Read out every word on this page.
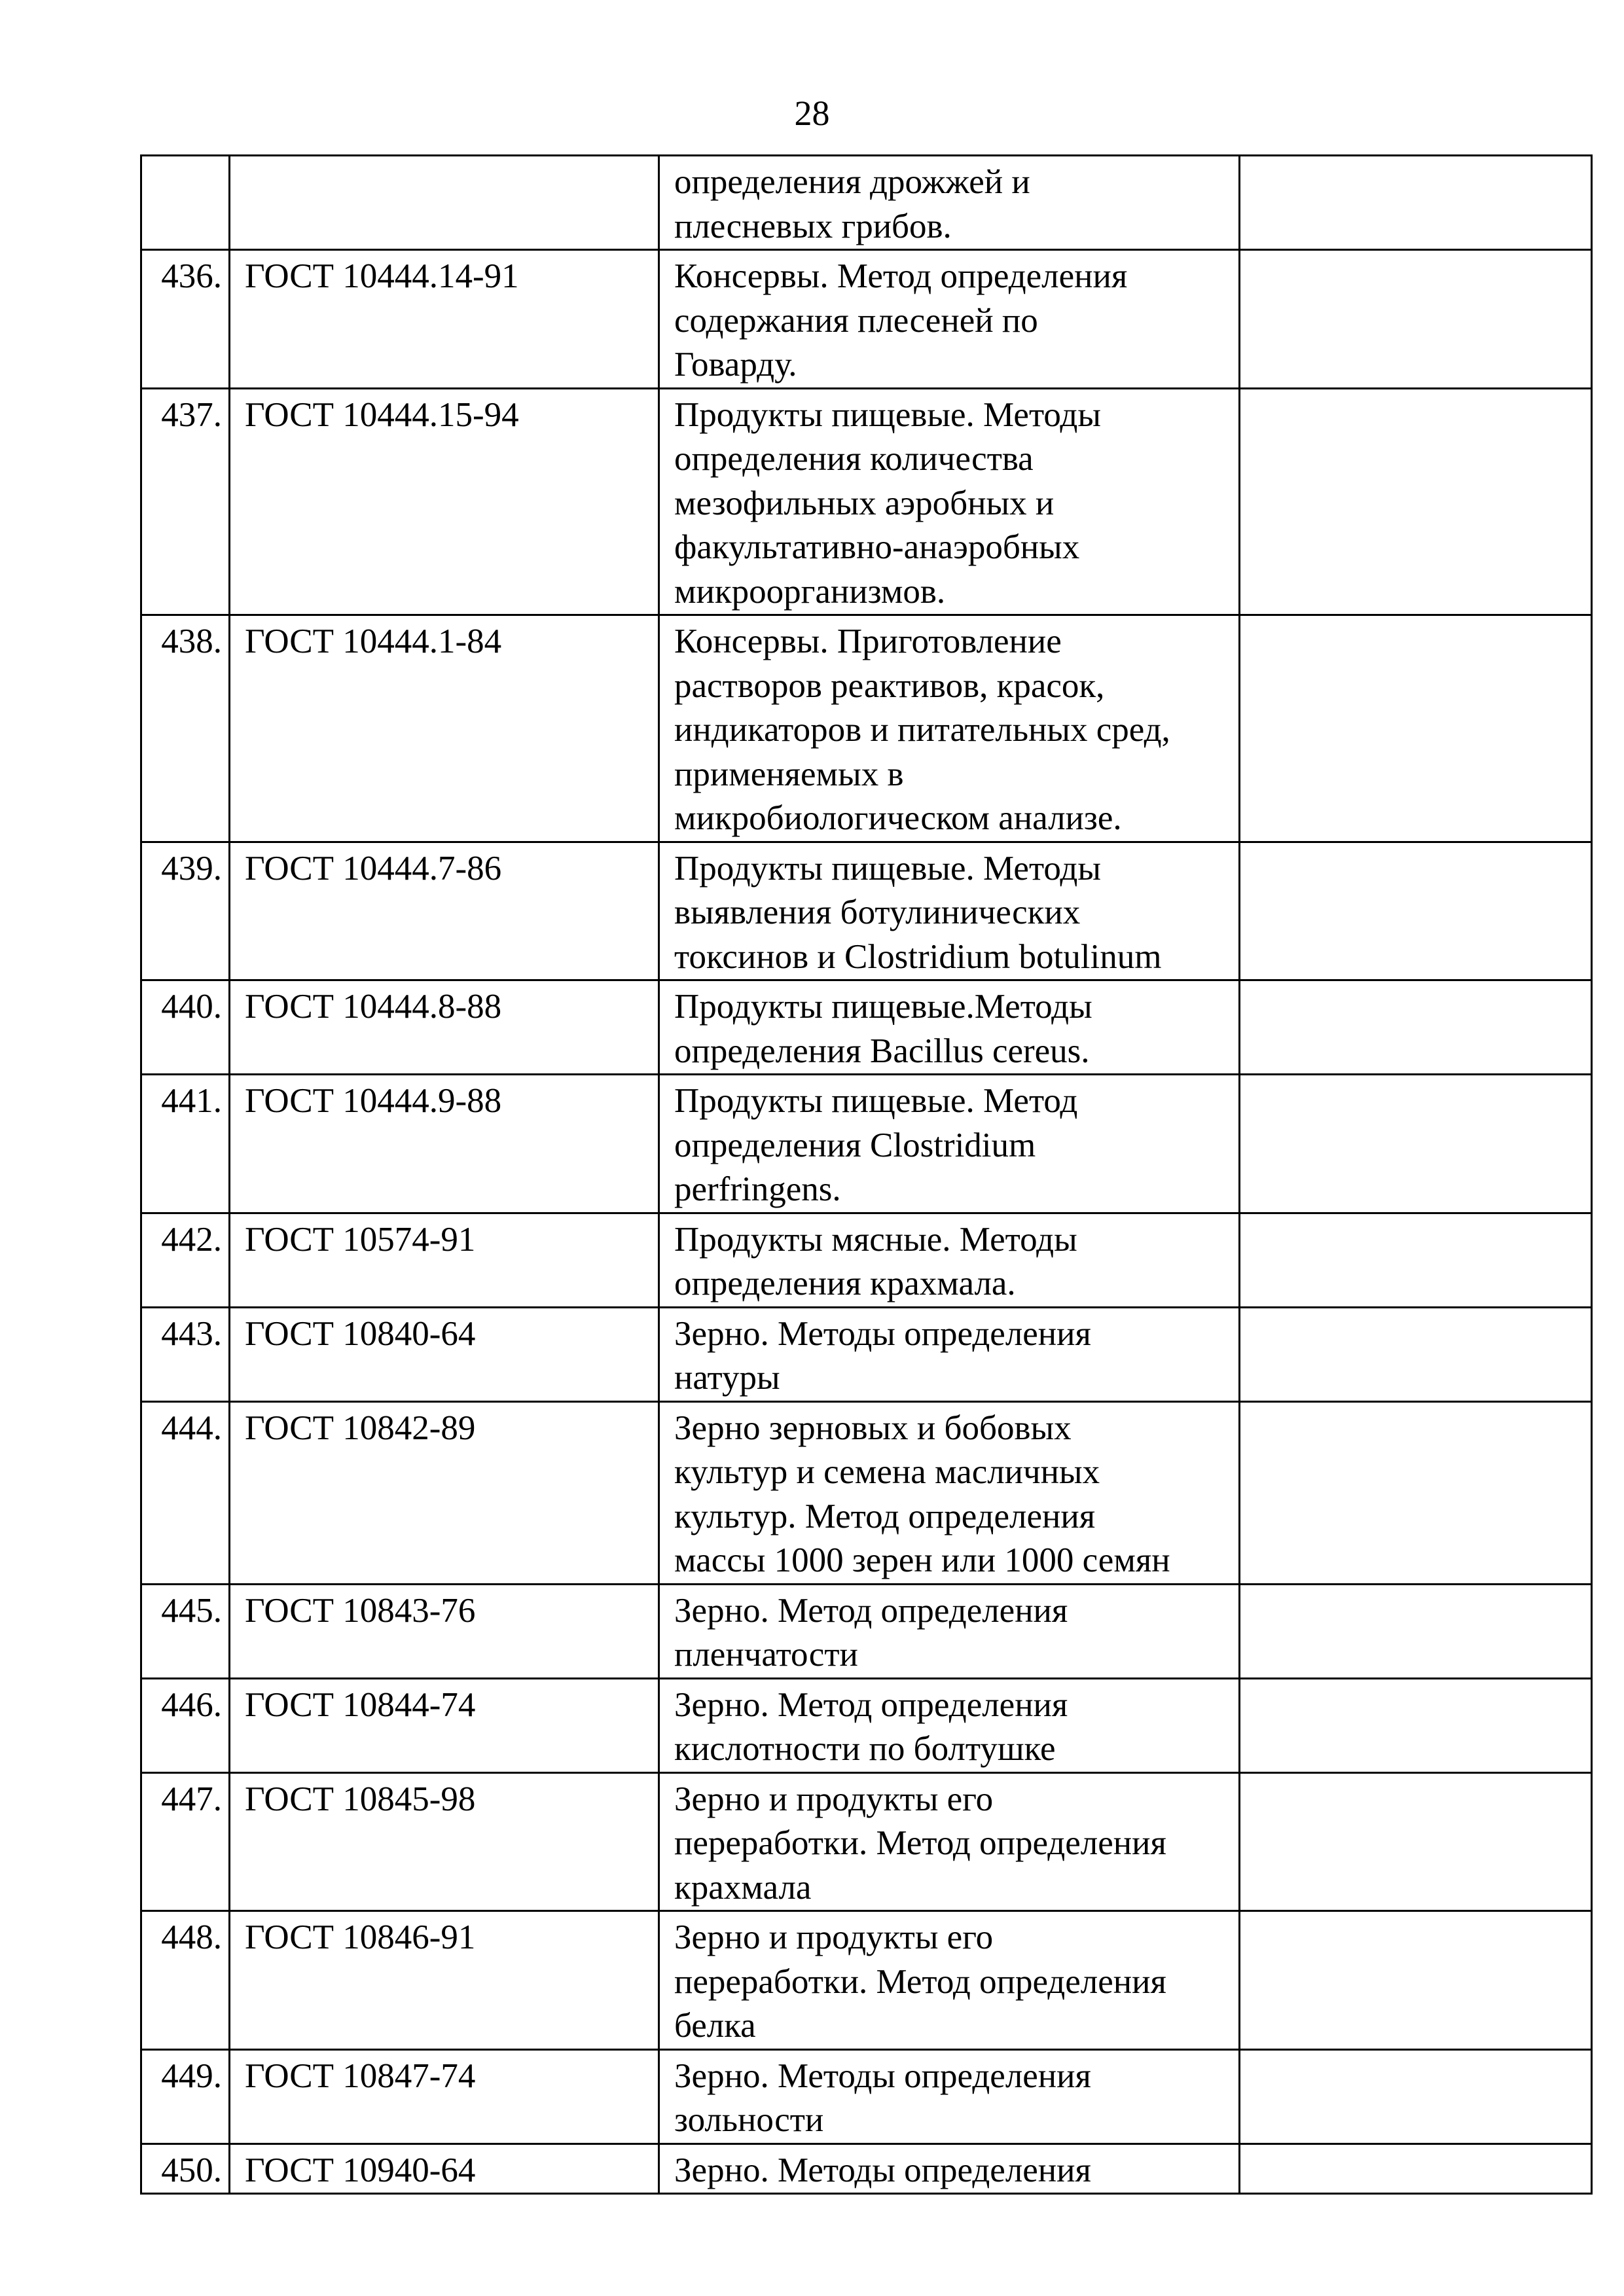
28

		определения дрожжей и
плесневых грибов.	

436.	ГОСТ 10444.14-91	Консервы. Метод определения
содержания плесеней по
Говарду.	

437.	ГОСТ 10444.15-94	Продукты пищевые. Методы
определения количества
мезофильных аэробных и
факультативно-анаэробных
микроорганизмов.	

438.	ГОСТ 10444.1-84	Консервы. Приготовление
растворов реактивов, красок,
индикаторов и питательных сред,
применяемых в
микробиологическом анализе.	

439.	ГОСТ 10444.7-86	Продукты пищевые. Методы
выявления ботулинических
токсинов и Clostridium botulinum	

440.	ГОСТ 10444.8-88	Продукты пищевые.Методы
определения Bacillus cereus.	

441.	ГОСТ 10444.9-88	Продукты пищевые. Метод
определения Clostridium
perfringens.	

442.	ГОСТ 10574-91	Продукты мясные. Методы
определения крахмала.	

443.	ГОСТ 10840-64	Зерно. Методы определения
натуры	

444.	ГОСТ 10842-89	Зерно зерновых и бобовых
культур и семена масличных
культур. Метод определения
массы 1000 зерен или 1000 семян	

445.	ГОСТ 10843-76	Зерно. Метод определения
пленчатости	

446.	ГОСТ 10844-74	Зерно. Метод определения
кислотности по болтушке	

447.	ГОСТ 10845-98	Зерно и продукты его
переработки. Метод определения
крахмала	

448.	ГОСТ 10846-91	Зерно и продукты его
переработки. Метод определения
белка	

449.	ГОСТ 10847-74	Зерно. Методы определения
зольности	

450.	ГОСТ 10940-64	Зерно. Методы определения	
